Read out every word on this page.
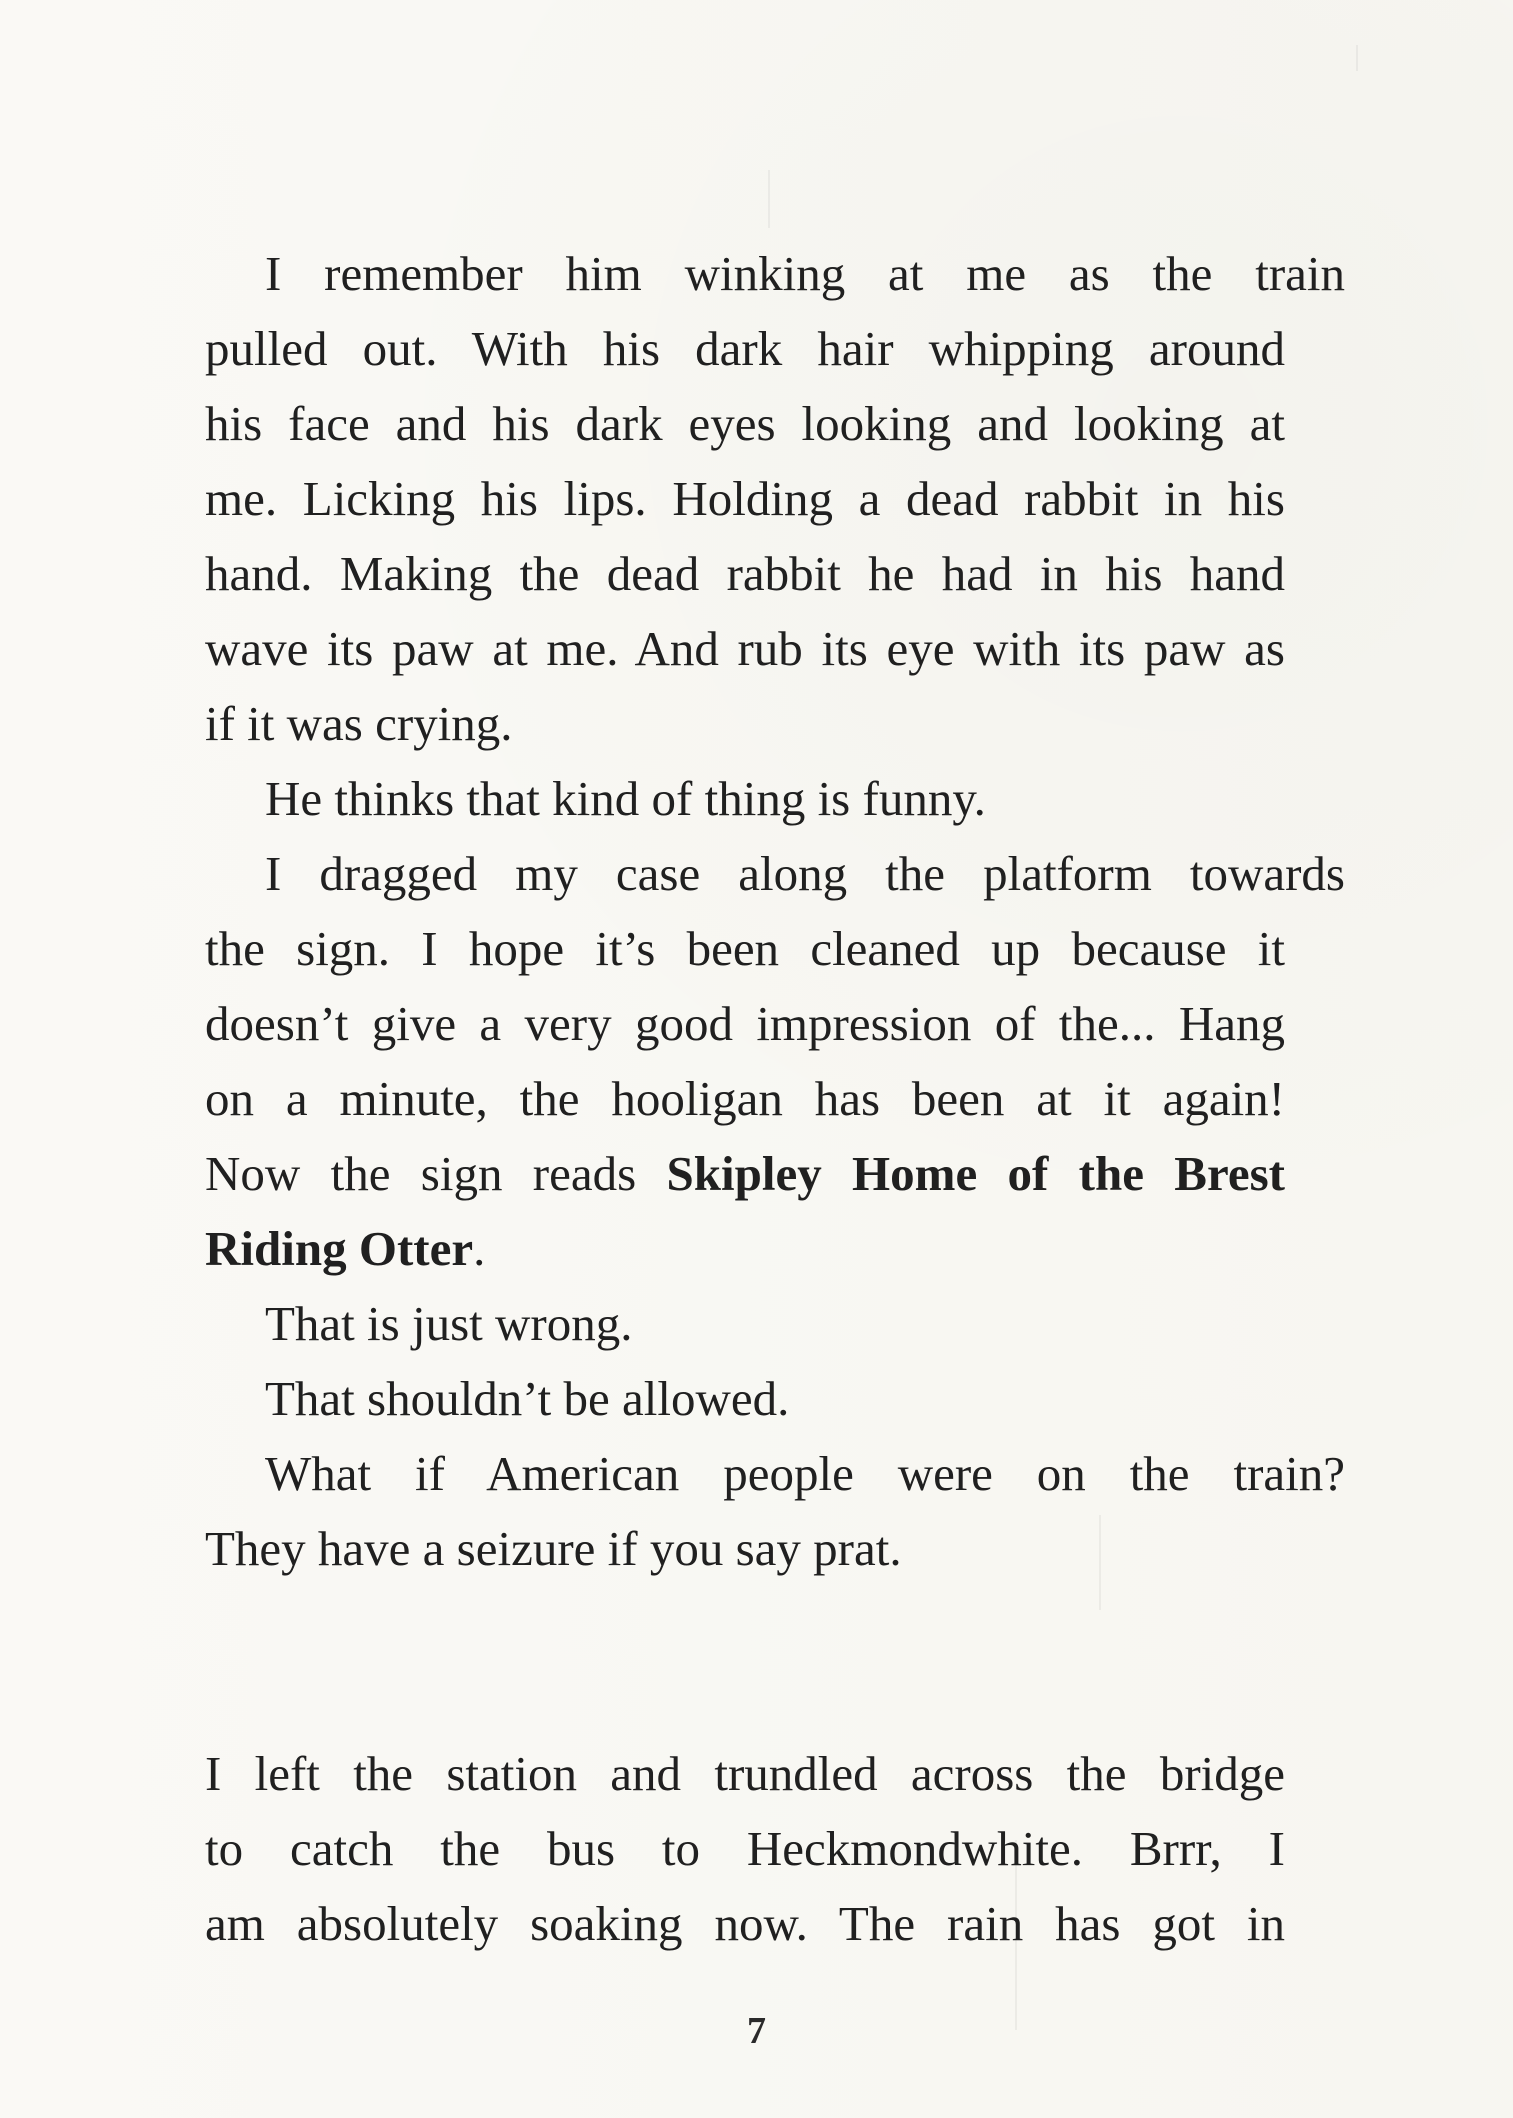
I remember him winking at me as the train
pulled out. With his dark hair whipping around
his face and his dark eyes looking and looking at
me. Licking his lips. Holding a dead rabbit in his
hand. Making the dead rabbit he had in his hand
wave its paw at me. And rub its eye with its paw as
if it was crying.
He thinks that kind of thing is funny.
I dragged my case along the platform towards
the sign. I hope it’s been cleaned up because it
doesn’t give a very good impression of the... Hang
on a minute, the hooligan has been at it again!
Now the sign reads Skipley Home of the Brest
Riding Otter.
That is just wrong.
That shouldn’t be allowed.
What if American people were on the train?
They have a seizure if you say prat.
I left the station and trundled across the bridge
to catch the bus to Heckmondwhite. Brrr, I
am absolutely soaking now. The rain has got in
7
